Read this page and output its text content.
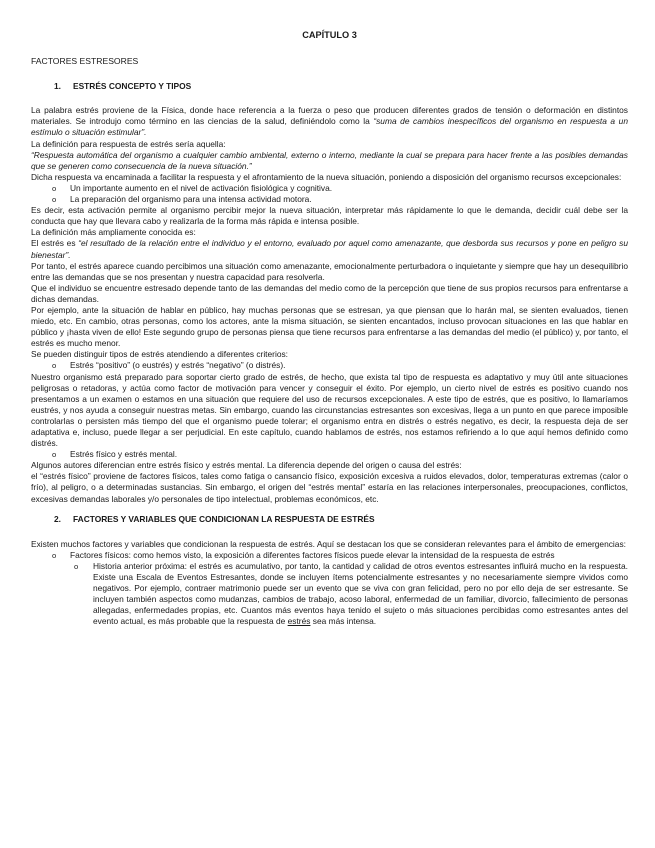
CAPÍTULO 3

FACTORES ESTRESORES

1. ESTRÉS CONCEPTO Y TIPOS

La palabra estrés proviene de la Física, donde hace referencia a la fuerza o peso que producen diferentes grados de tensión o deformación en distintos materiales. Se introdujo como término en las ciencias de la salud, definiéndolo como la “suma de cambios inespecíficos del organismo en respuesta a un estímulo o situación estimular”.

La definición para respuesta de estrés sería aquella:

“Respuesta automática del organismo a cualquier cambio ambiental, externo o interno, mediante la cual se prepara para hacer frente a las posibles demandas que se generen como consecuencia de la nueva situación.”

Dicha respuesta va encaminada a facilitar la respuesta y el afrontamiento de la nueva situación, poniendo a disposición del organismo recursos excepcionales:

o Un importante aumento en el nivel de activación fisiológica y cognitiva.

o La preparación del organismo para una intensa actividad motora.

Es decir, esta activación permite al organismo percibir mejor la nueva situación, interpretar más rápidamente lo que le demanda, decidir cuál debe ser la conducta que hay que llevara cabo y realizarla de la forma más rápida e intensa posible.

La definición más ampliamente conocida es:

El estrés es “el resultado de la relación entre el individuo y el entorno, evaluado por aquel como amenazante, que desborda sus recursos y pone en peligro su bienestar”.

Por tanto, el estrés aparece cuando percibimos una situación como amenazante, emocionalmente perturbadora o inquietante y siempre que hay un desequilibrio entre las demandas que se nos presentan y nuestra capacidad para resolverla.

Que el individuo se encuentre estresado depende tanto de las demandas del medio como de la percepción que tiene de sus propios recursos para enfrentarse a dichas demandas.

Por ejemplo, ante la situación de hablar en público, hay muchas personas que se estresan, ya que piensan que lo harán mal, se sienten evaluados, tienen miedo, etc. En cambio, otras personas, como los actores, ante la misma situación, se sienten encantados, incluso provocan situaciones en las que hablar en público y ¡hasta viven de ello! Este segundo grupo de personas piensa que tiene recursos para enfrentarse a las demandas del medio (el público) y, por tanto, el estrés es mucho menor.

Se pueden distinguir tipos de estrés atendiendo a diferentes criterios:

o Estrés “positivo” (o eustrés) y estrés “negativo” (o distrés).

Nuestro organismo está preparado para soportar cierto grado de estrés, de hecho, que exista tal tipo de respuesta es adaptativo y muy útil ante situaciones peligrosas o retadoras, y actúa como factor de motivación para vencer y conseguir el éxito. Por ejemplo, un cierto nivel de estrés es positivo cuando nos presentamos a un examen o estamos en una situación que requiere del uso de recursos excepcionales. A este tipo de estrés, que es positivo, lo llamaríamos eustrés, y nos ayuda a conseguir nuestras metas. Sin embargo, cuando las circunstancias estresantes son excesivas, llega a un punto en que parece imposible controlarlas o persisten más tiempo del que el organismo puede tolerar; el organismo entra en distrés o estrés negativo, es decir, la respuesta deja de ser adaptativa e, incluso, puede llegar a ser perjudicial. En este capítulo, cuando hablamos de estrés, nos estamos refiriendo a lo que aquí hemos definido como distrés.

o Estrés físico y estrés mental.

Algunos autores diferencian entre estrés físico y estrés mental. La diferencia depende del origen o causa del estrés:

el “estrés físico” proviene de factores físicos, tales como fatiga o cansancio físico, exposición excesiva a ruidos elevados, dolor, temperaturas extremas (calor o frío), al peligro, o a determinadas sustancias. Sin embargo, el origen del “estrés mental” estaría en las relaciones interpersonales, preocupaciones, conflictos, excesivas demandas laborales y/o personales de tipo intelectual, problemas económicos, etc.

2. FACTORES Y VARIABLES QUE CONDICIONAN LA RESPUESTA DE ESTRÉS

Existen muchos factores y variables que condicionan la respuesta de estrés. Aquí se destacan los que se consideran relevantes para el ámbito de emergencias:

o Factores físicos: como hemos visto, la exposición a diferentes factores físicos puede elevar la intensidad de la respuesta de estrés

o Historia anterior próxima: el estrés es acumulativo, por tanto, la cantidad y calidad de otros eventos estresantes influirá mucho en la respuesta. Existe una Escala de Eventos Estresantes, donde se incluyen ítems potencialmente estresantes y no necesariamente siempre vividos como negativos. Por ejemplo, contraer matrimonio puede ser un evento que se viva con gran felicidad, pero no por ello deja de ser estresante. Se incluyen también aspectos como mudanzas, cambios de trabajo, acoso laboral, enfermedad de un familiar, divorcio, fallecimiento de personas allegadas, enfermedades propias, etc. Cuantos más eventos haya tenido el sujeto o más situaciones percibidas como estresantes antes del evento actual, es más probable que la respuesta de estrés sea más intensa.
